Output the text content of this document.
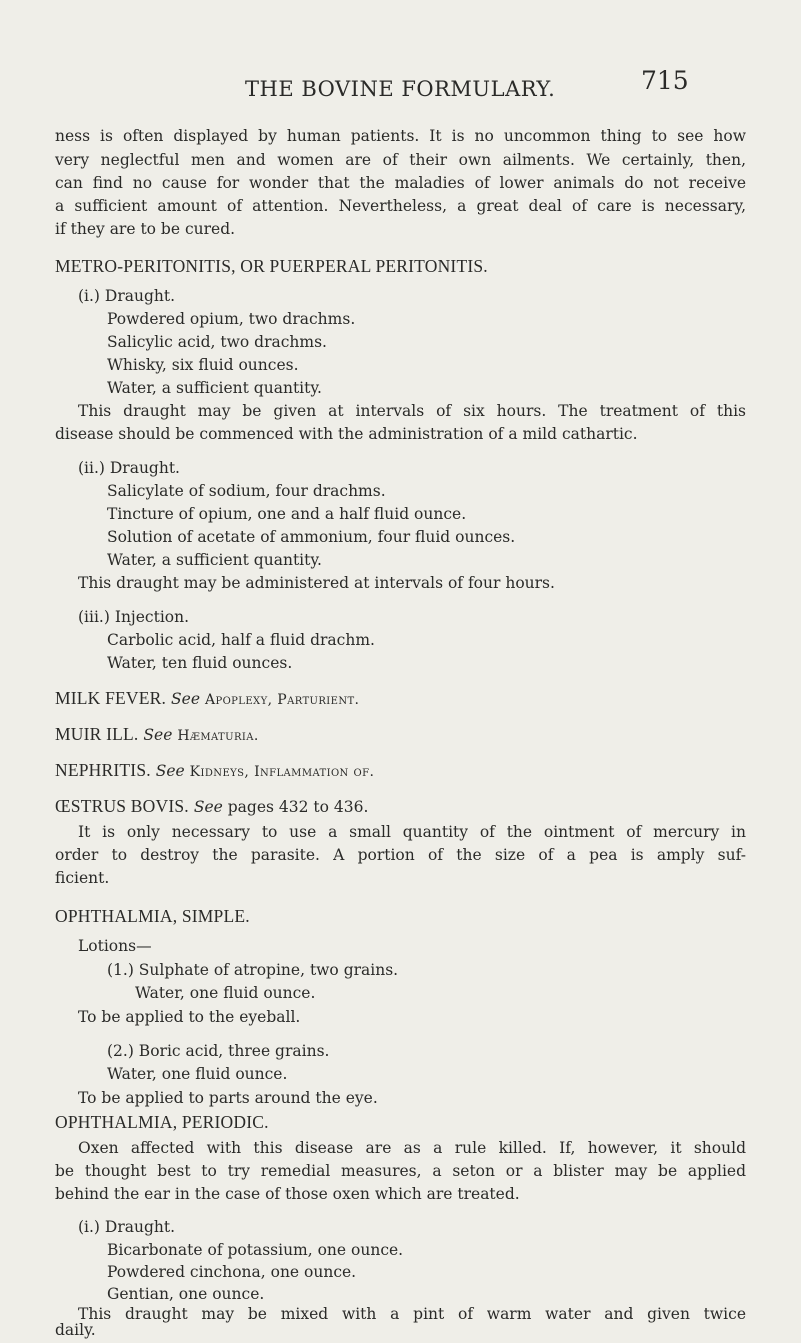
THE BOVINE FORMULARY.	715
ness is often displayed by human patients. It is no uncommon thing to see how
very neglectful men and women are of their own ailments. We certainly, then,
can find no cause for wonder that the maladies of lower animals do not receive
a sufficient amount of attention. Nevertheless, a great deal of care is necessary,
if they are to be cured.
METRO-PERITONITIS, OR PUERPERAL PERITONITIS.
(i.) Draught.
Powdered opium, two drachms.
Salicylic acid, two drachms.
Whisky, six fluid ounces.
Water, a sufficient quantity.
This draught may be given at intervals of six hours. The treatment of this
disease should be commenced with the administration of a mild cathartic.
(ii.) Draught.
Salicylate of sodium, four drachms.
Tincture of opium, one and a half fluid ounce.
Solution of acetate of ammonium, four fluid ounces.
Water, a sufficient quantity.
This draught may be administered at intervals of four hours.
(iii.) Injection.
Carbolic acid, half a fluid drachm.
Water, ten fluid ounces.
MILK FEVER. See Apoplexy, Parturient.
MUIR ILL. See Hæmaturia.
NEPHRITIS. See Kidneys, Inflammation of.
ŒSTRUS BOVIS. See pages 432 to 436.
It is only necessary to use a small quantity of the ointment of mercury in
order to destroy the parasite. A portion of the size of a pea is amply suf-
ficient.
OPHTHALMIA, SIMPLE.
Lotions—
(1.) Sulphate of atropine, two grains.
Water, one fluid ounce.
To be applied to the eyeball.
(2.) Boric acid, three grains.
Water, one fluid ounce.
To be applied to parts around the eye.
OPHTHALMIA, PERIODIC.
Oxen affected with this disease are as a rule killed. If, however, it should
be thought best to try remedial measures, a seton or a blister may be applied
behind the ear in the case of those oxen which are treated.
(i.) Draught.
Bicarbonate of potassium, one ounce.
Powdered cinchona, one ounce.
Gentian, one ounce.
This draught may be mixed with a pint of warm water and given twice
daily.
